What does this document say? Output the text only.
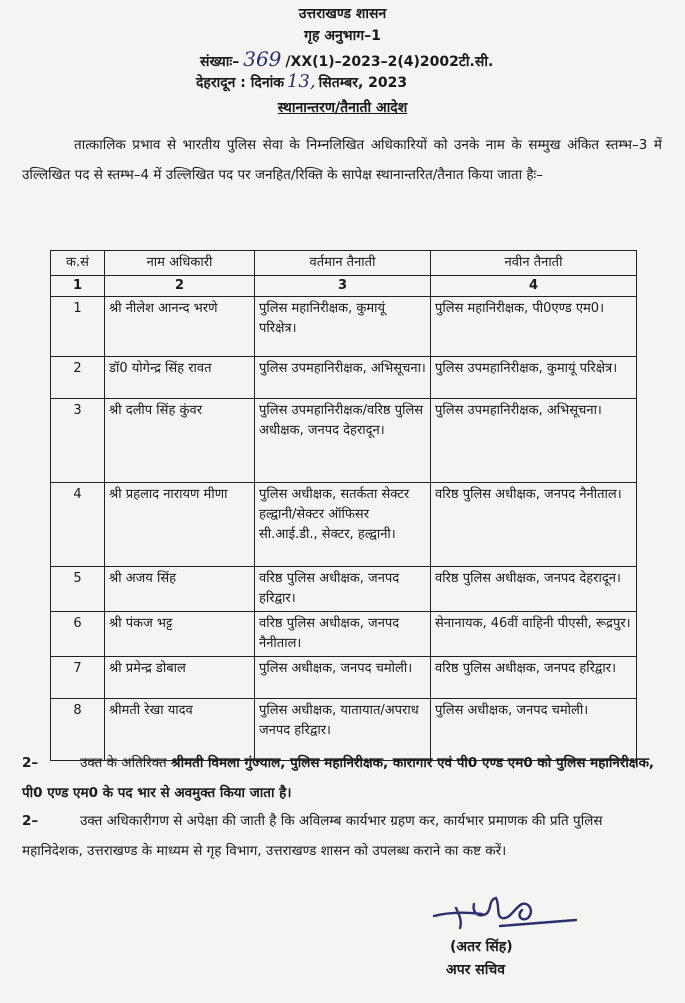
उत्तराखण्ड शासन
गृह अनुभाग–1
संख्याः– 369 /XX(1)–2023–2(4)2002टी.सी.
देहरादून : दिनांक 13, सितम्बर, 2023
स्थानान्तरण/तैनाती आदेश
तात्कालिक प्रभाव से भारतीय पुलिस सेवा के निम्नलिखित अधिकारियों को उनके नाम के सम्मुख अंकित स्तम्भ–3 में उल्लिखित पद से स्तम्भ–4 में उल्लिखित पद पर जनहित/रिक्ति के सापेक्ष स्थानान्तरित/तैनात किया जाता हैः–
क.सं	नाम अधिकारी	वर्तमान तैनाती	नवीन तैनाती
1	2	3	4
1	श्री नीलेश आनन्द भरणे	पुलिस महानिरीक्षक, कुमायूं परिक्षेत्र।	पुलिस महानिरीक्षक, पी0एण्ड एम0।
2	डॉ0 योगेन्द्र सिंह रावत	पुलिस उपमहानिरीक्षक, अभिसूचना।	पुलिस उपमहानिरीक्षक, कुमायूं परिक्षेत्र।
3	श्री दलीप सिंह कुंवर	पुलिस उपमहानिरीक्षक/वरिष्ठ पुलिस अधीक्षक, जनपद देहरादून।	पुलिस उपमहानिरीक्षक, अभिसूचना।
4	श्री प्रहलाद नारायण मीणा	पुलिस अधीक्षक, सतर्कता सेक्टर हल्द्वानी/सेक्टर ऑफिसर सी.आई.डी., सेक्टर, हल्द्वानी।	वरिष्ठ पुलिस अधीक्षक, जनपद नैनीताल।
5	श्री अजय सिंह	वरिष्ठ पुलिस अधीक्षक, जनपद हरिद्वार।	वरिष्ठ पुलिस अधीक्षक, जनपद देहरादून।
6	श्री पंकज भट्ट	वरिष्ठ पुलिस अधीक्षक, जनपद नैनीताल।	सेनानायक, 46वीं वाहिनी पीएसी, रूद्रपुर।
7	श्री प्रमेन्द्र डोबाल	पुलिस अधीक्षक, जनपद चमोली।	वरिष्ठ पुलिस अधीक्षक, जनपद हरिद्वार।
8	श्रीमती रेखा यादव	पुलिस अधीक्षक, यातायात/अपराध जनपद हरिद्वार।	पुलिस अधीक्षक, जनपद चमोली।
2–	उक्त के अतिरिक्त श्रीमती विमला गुंज्याल, पुलिस महानिरीक्षक, कारागार एवं पी0 एण्ड एम0 को पुलिस महानिरीक्षक, पी0 एण्ड एम0 के पद भार से अवमुक्त किया जाता है।
2–	उक्त अधिकारीगण से अपेक्षा की जाती है कि अविलम्ब कार्यभार ग्रहण कर, कार्यभार प्रमाणक की प्रति पुलिस महानिदेशक, उत्तराखण्ड के माध्यम से गृह विभाग, उत्तराखण्ड शासन को उपलब्ध कराने का कष्ट करें।
(अतर सिंह)
अपर सचिव
